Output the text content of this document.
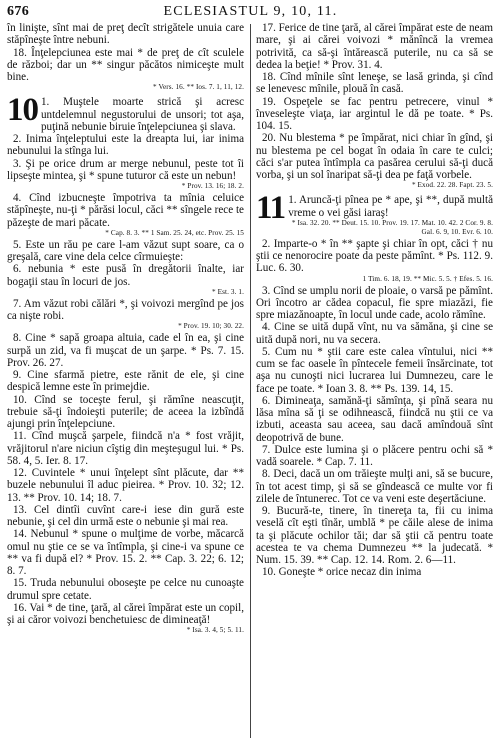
676	ECLESIASTUL 9, 10, 11.

în linişte, sînt mai de preţ decît strigătele unuia care stăpîneşte între nebuni.

18. Înţelepciunea este mai * de preţ de cît sculele de război; dar un ** singur păcătos nimiceşte mult bine.

* Vers. 16. ** Ios. 7. 1, 11, 12.

10 1. Muştele moarte strică şi acresc untdelemnul negustorului de unsori; tot aşa, puţină nebunie biruie înţelepciunea şi slava.

2. Inima înţeleptului este la dreapta lui, iar inima nebunului la stînga lui.

3. Şi pe orice drum ar merge nebunul, peste tot îi lipseşte mintea, şi * spune tuturor că este un nebun!

* Prov. 13. 16; 18. 2.

4. Cînd izbucneşte împotriva ta mînia celuice stăpîneşte, nu-ţi * părăsi locul, căci ** sîngele rece te păzeşte de mari păcate.

* Cap. 8. 3. ** 1 Sam. 25. 24, etc. Prov. 25. 15

5. Este un rău pe care l-am văzut supt soare, ca o greşală, care vine dela celce cîrmuieşte:

6. nebunia * este pusă în dregătorii înalte, iar bogaţii stau în locuri de jos.

* Est. 3. 1.

7. Am văzut robi călări *, şi voivozi mergînd pe jos ca nişte robi.

* Prov. 19. 10; 30. 22.

8. Cine * sapă groapa altuia, cade el în ea, şi cine surpă un zid, va fi muşcat de un şarpe. * Ps. 7. 15. Prov. 26. 27.

9. Cine sfarmă pietre, este rănit de ele, şi cine despică lemne este în primejdie.

10. Cînd se toceşte ferul, şi rămîne neascuţit, trebuie să-ţi îndoieşti puterile; de aceea la izbîndă ajungi prin înţelepciune.

11. Cînd muşcă şarpele, fiindcă n'a * fost vrăjit, vrăjitorul n'are niciun cîştig din meşteşugul lui. * Ps. 58. 4, 5. Ier. 8. 17.

12. Cuvintele * unui înţelept sînt plăcute, dar ** buzele nebunului îl aduc pieirea. * Prov. 10. 32; 12. 13. ** Prov. 10. 14; 18. 7.

13. Cel dintîi cuvînt care-i iese din gură este nebunie, şi cel din urmă este o nebunie şi mai rea.

14. Nebunul * spune o mulţime de vorbe, măcarcă omul nu ştie ce se va întîmpla, şi cine-i va spune ce ** va fi după el? * Prov. 15. 2. ** Cap. 3. 22; 6. 12; 8. 7.

15. Truda nebunului oboseşte pe celce nu cunoaşte drumul spre cetate.

16. Vai * de tine, ţară, al cărei împărat este un copil, şi ai căror voivozi benchetuiesc de dimineaţă!

* Isa. 3. 4, 5; 5. 11.

17. Ferice de tine ţară, al cărei împărat este de neam mare, şi ai cărei voivozi * mănîncă la vremea potrivită, ca să-şi întărească puterile, nu ca să se dedea la beţie! * Prov. 31. 4.

18. Cînd mînile sînt leneşe, se lasă grinda, şi cînd se lenevesc mînile, plouă în casă.

19. Ospeţele se fac pentru petrecere, vinul * înveseleşte viaţa, iar argintul le dă pe toate. * Ps. 104. 15.

20. Nu blestema * pe împărat, nici chiar în gînd, şi nu blestema pe cel bogat în odaia în care te culci; căci s'ar putea întîmpla ca pasărea cerului să-ţi ducă vorba, şi un sol înaripat să-ţi dea pe faţă vorbele.

* Exod. 22. 28. Fapt. 23. 5.

11 1. Aruncă-ţi pînea pe * ape, şi **, după multă vreme o vei găsi iaraş!

* Isa. 32. 20. ** Deut. 15. 10. Prov. 19. 17. Mat. 10. 42. 2 Cor. 9. 8. Gal. 6. 9, 10. Evr. 6. 10.

2. Imparte-o * în ** şapte şi chiar în opt, căci † nu ştii ce nenorocire poate da peste pămînt. * Ps. 112. 9. Luc. 6. 30.

1 Tim. 6. 18, 19. ** Mic. 5. 5. † Efes. 5. 16.

3. Cînd se umplu norii de ploaie, o varsă pe pămînt. Ori încotro ar cădea copacul, fie spre miazăzi, fie spre miazănoapte, în locul unde cade, acolo rămîne.

4. Cine se uită după vînt, nu va sămăna, şi cine se uită după nori, nu va secera.

5. Cum nu * ştii care este calea vîntului, nici ** cum se fac oasele în pîntecele femeii însărcinate, tot aşa nu cunoşti nici lucrarea lui Dumnezeu, care le face pe toate. * Ioan 3. 8. ** Ps. 139. 14, 15.

6. Dimineaţa, samănă-ţi sămînţa, şi pînă seara nu lăsa mîna să ţi se odihnească, fiindcă nu ştii ce va izbuti, aceasta sau aceea, sau dacă amîndouă sînt deopotrivă de bune.

7. Dulce este lumina şi o plăcere pentru ochi să * vadă soarele. * Cap. 7. 11.

8. Deci, dacă un om trăieşte mulţi ani, să se bucure, în tot acest timp, şi să se gîndească ce multe vor fi zilele de întunerec. Tot ce va veni este deşertăciune.

9. Bucură-te, tinere, în tinereţa ta, fii cu inima veselă cît eşti tînăr, umblă * pe căile alese de inima ta şi plăcute ochilor tăi; dar să ştii că pentru toate acestea te va chema Dumnezeu ** la judecată. * Num. 15. 39. ** Cap. 12. 14. Rom. 2. 6—11.

10. Goneşte * orice necaz din inima
